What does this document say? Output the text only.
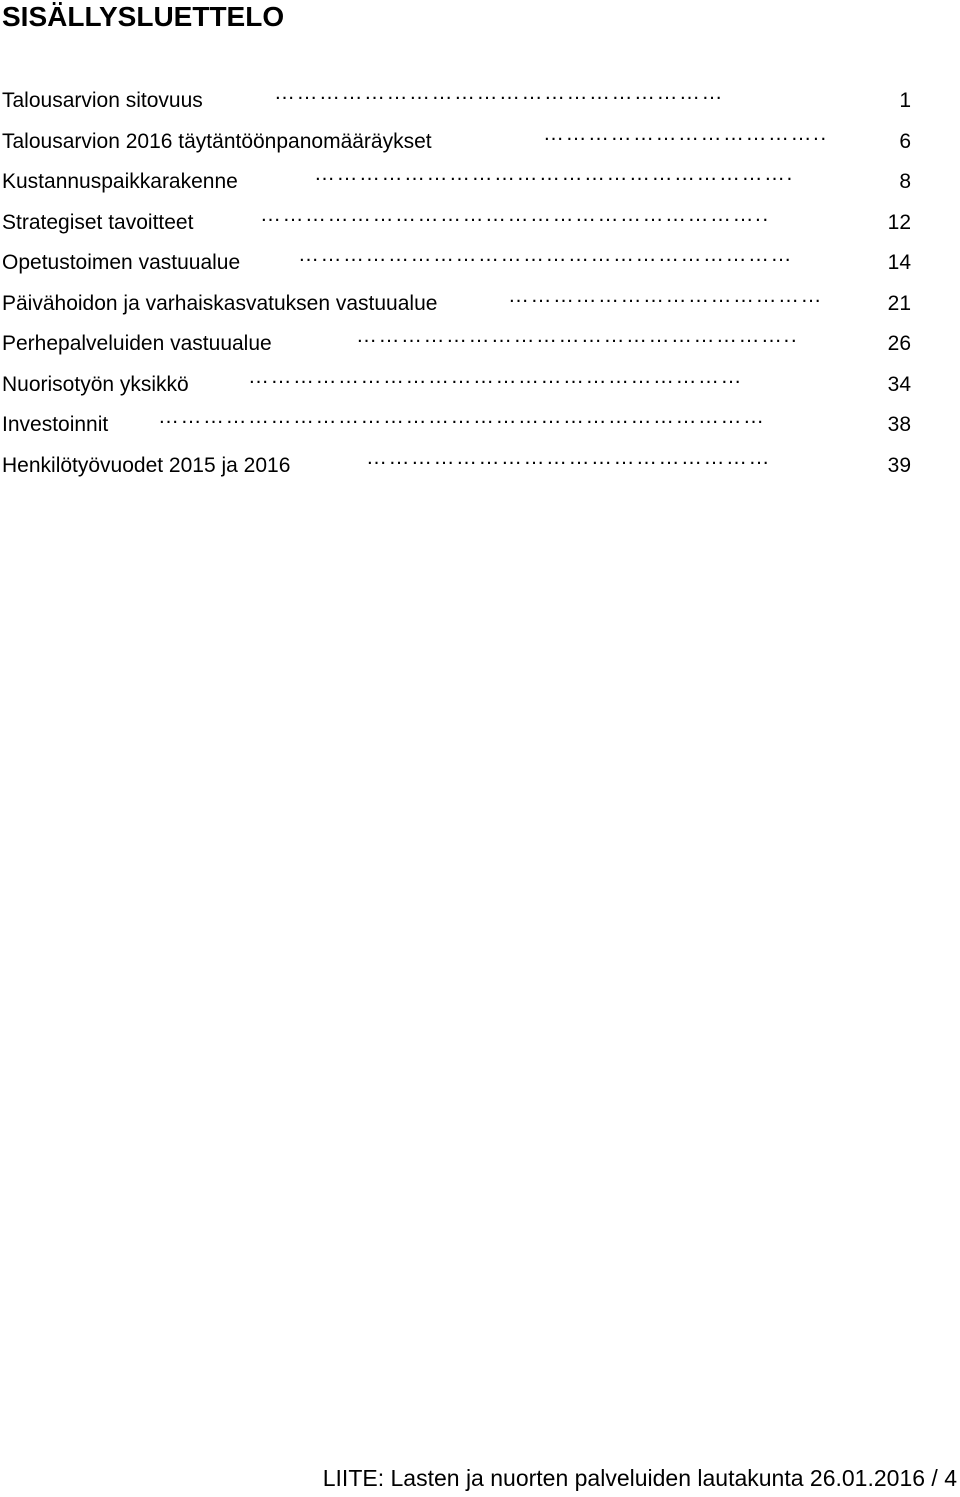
SISÄLLYSLUETTELO
Talousarvion sitovuus	……………………………………………………	1
Talousarvion 2016 täytäntöönpanomääräykset	………………………………..	6
Kustannuspaikkarakenne	……………………………………………………….	8
Strategiset tavoitteet	…………………………………………………………..	12
Opetustoimen vastuualue	…………………………………………………………	14
Päivähoidon ja varhaiskasvatuksen vastuualue	……………………………………	21
Perhepalveluiden vastuualue	…………………………………………………..	26
Nuorisotyön yksikkö	…………………………………………………………	34
Investoinnit ………………………………………………………………………	38
Henkilötyövuodet 2015 ja 2016	………………………………………………	39
LIITE: Lasten ja nuorten palveluiden lautakunta 26.01.2016 / 4
